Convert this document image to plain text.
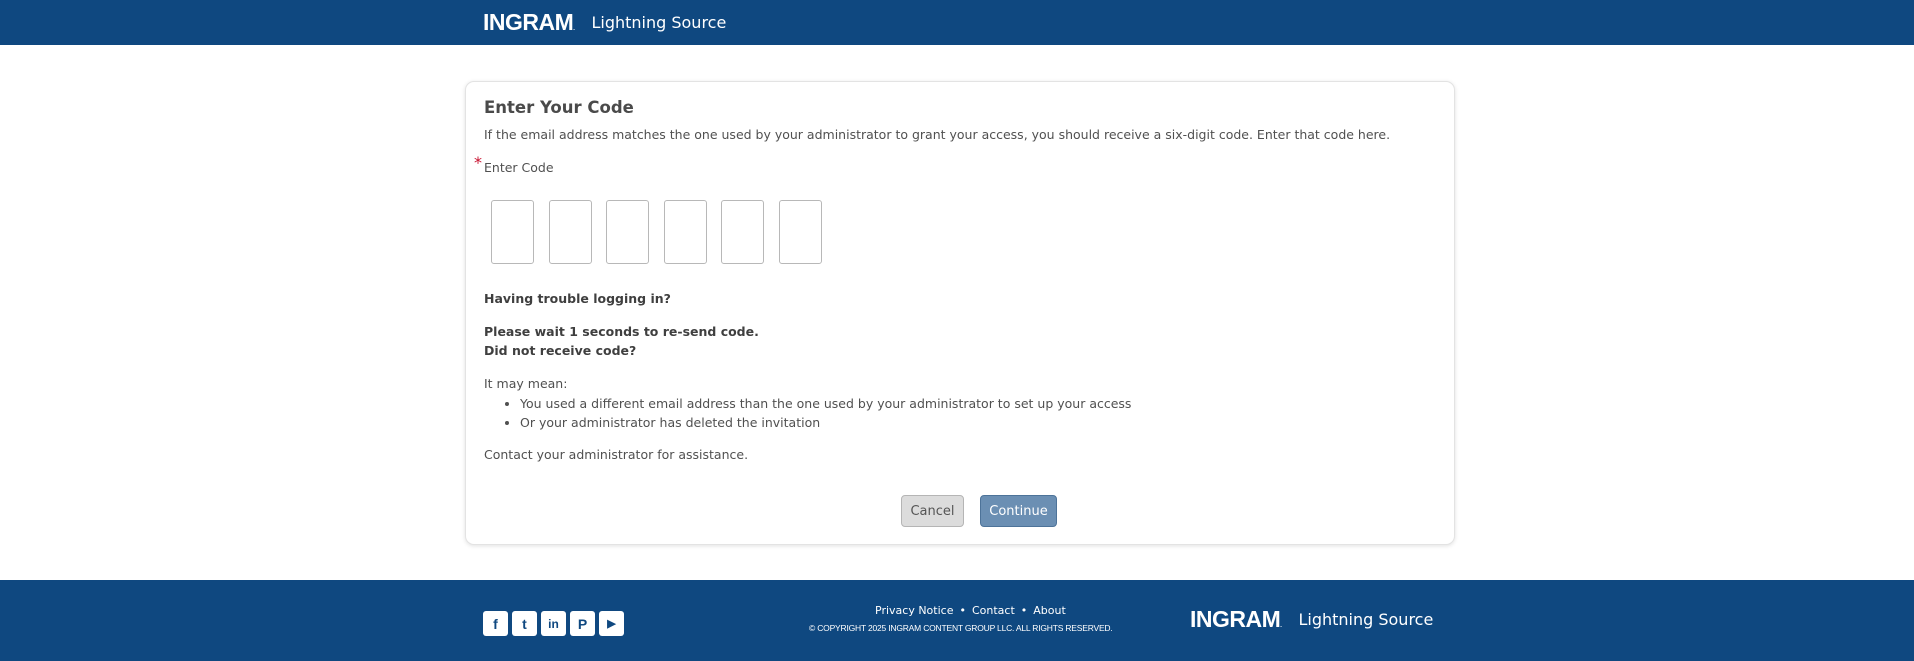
INGRAM. Lightning Source
Enter Your Code
If the email address matches the one used by your administrator to grant your access, you should receive a six-digit code. Enter that code here.
* Enter Code
Having trouble logging in?
Please wait 1 seconds to re-send code.
Did not receive code?
It may mean:
• You used a different email address than the one used by your administrator to set up your access
• Or your administrator has deleted the invitation
Contact your administrator for assistance.
Cancel	Continue
f	t	in	P	▶
Privacy Notice • Contact • About
© COPYRIGHT 2025 INGRAM CONTENT GROUP LLC. ALL RIGHTS RESERVED.	INGRAM. Lightning Source
